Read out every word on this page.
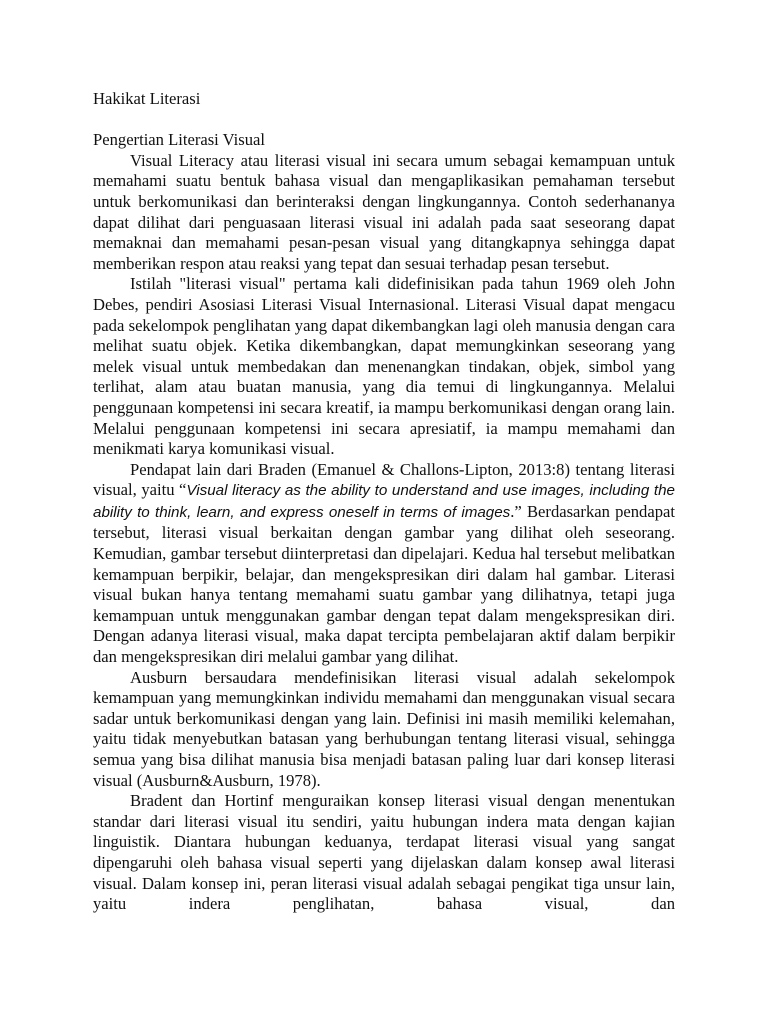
Hakikat Literasi
Pengertian Literasi Visual

Visual Literacy atau literasi visual ini secara umum sebagai kemampuan untuk memahami suatu bentuk bahasa visual dan mengaplikasikan pemahaman tersebut untuk berkomunikasi dan berinteraksi dengan lingkungannya. Contoh sederhananya dapat dilihat dari penguasaan literasi visual ini adalah pada saat seseorang dapat memaknai dan memahami pesan-pesan visual yang ditangkapnya sehingga dapat memberikan respon atau reaksi yang tepat dan sesuai terhadap pesan tersebut.

Istilah "literasi visual" pertama kali didefinisikan pada tahun 1969 oleh John Debes, pendiri Asosiasi Literasi Visual Internasional. Literasi Visual dapat mengacu pada sekelompok penglihatan yang dapat dikembangkan lagi oleh manusia dengan cara melihat suatu objek. Ketika dikembangkan, dapat memungkinkan seseorang yang melek visual untuk membedakan dan menenangkan tindakan, objek, simbol yang terlihat, alam atau buatan manusia, yang dia temui di lingkungannya. Melalui penggunaan kompetensi ini secara kreatif, ia mampu berkomunikasi dengan orang lain. Melalui penggunaan kompetensi ini secara apresiatif, ia mampu memahami dan menikmati karya komunikasi visual.

Pendapat lain dari Braden (Emanuel & Challons-Lipton, 2013:8) tentang literasi visual, yaitu “Visual literacy as the ability to understand and use images, including the ability to think, learn, and express oneself in terms of images.” Berdasarkan pendapat tersebut, literasi visual berkaitan dengan gambar yang dilihat oleh seseorang. Kemudian, gambar tersebut diinterpretasi dan dipelajari. Kedua hal tersebut melibatkan kemampuan berpikir, belajar, dan mengekspresikan diri dalam hal gambar. Literasi visual bukan hanya tentang memahami suatu gambar yang dilihatnya, tetapi juga kemampuan untuk menggunakan gambar dengan tepat dalam mengekspresikan diri. Dengan adanya literasi visual, maka dapat tercipta pembelajaran aktif dalam berpikir dan mengekspresikan diri melalui gambar yang dilihat.

Ausburn bersaudara mendefinisikan literasi visual adalah sekelompok kemampuan yang memungkinkan individu memahami dan menggunakan visual secara sadar untuk berkomunikasi dengan yang lain. Definisi ini masih memiliki kelemahan, yaitu tidak menyebutkan batasan yang berhubungan tentang literasi visual, sehingga semua yang bisa dilihat manusia bisa menjadi batasan paling luar dari konsep literasi visual (Ausburn&Ausburn, 1978).

Bradent dan Hortinf menguraikan konsep literasi visual dengan menentukan standar dari literasi visual itu sendiri, yaitu hubungan indera mata dengan kajian linguistik. Diantara hubungan keduanya, terdapat literasi visual yang sangat dipengaruhi oleh bahasa visual seperti yang dijelaskan dalam konsep awal literasi visual. Dalam konsep ini, peran literasi visual adalah sebagai pengikat tiga unsur lain, yaitu indera penglihatan, bahasa visual, dan
